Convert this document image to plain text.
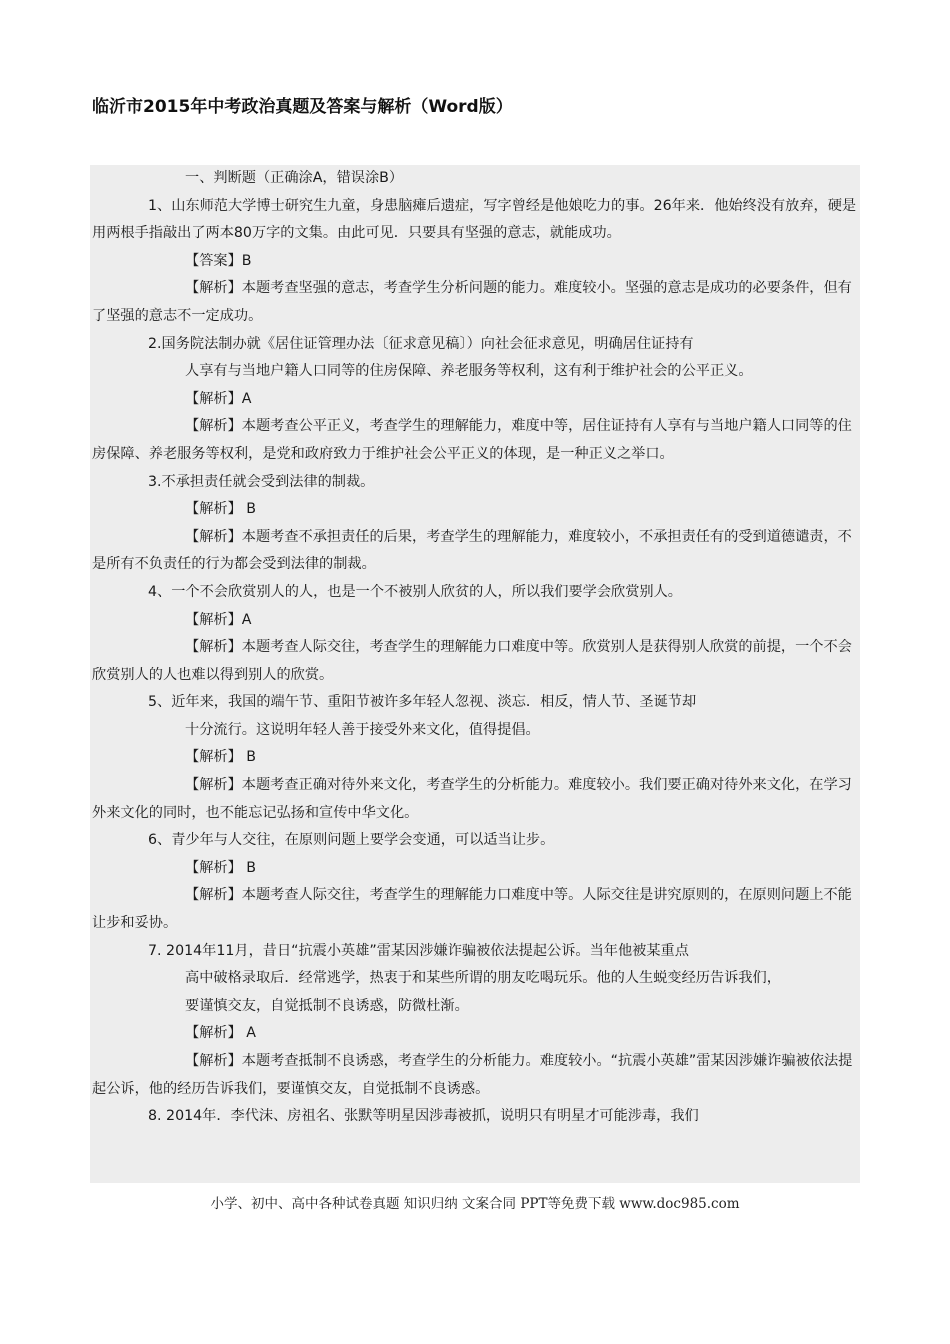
临沂市2015年中考政治真题及答案与解析（Word版）

一、判断题（正确涂A，错误涂B）

1、山东师范大学博士研究生九童，身患脑瘫后遗症，写字曾经是他娘吃力的事。26年来．他始终没有放弃，硬是用两根手指敲出了两本80万字的文集。由此可见．只要具有坚强的意志，就能成功。

【答案】B

【解析】本题考查坚强的意志，考查学生分析问题的能力。难度较小。坚强的意志是成功的必要条件，但有了坚强的意志不一定成功。

2.国务院法制办就《居住证管理办法〔征求意见稿〕）向社会征求意见，明确居住证持有

人享有与当地户籍人口同等的住房保障、养老服务等权利，这有利于维护社会的公平正义。

【解析】A

【解析】本题考查公平正义，考查学生的理解能力，难度中等，居住证持有人享有与当地户籍人口同等的住房保障、养老服务等权利，是党和政府致力于维护社会公平正义的体现，是一种正义之举口。

3.不承担责任就会受到法律的制裁。

【解析】 B

【解析】本题考查不承担责任的后果，考查学生的理解能力，难度较小，不承担责任有的受到道德谴责，不是所有不负责任的行为都会受到法律的制裁。

4、一个不会欣赏别人的人，也是一个不被别人欣贫的人，所以我们要学会欣赏别人。

【解析】A

【解析】本题考查人际交往，考查学生的理解能力口难度中等。欣赏别人是获得别人欣赏的前提，一个不会欣赏别人的人也难以得到别人的欣赏。

5、近年来，我国的端午节、重阳节被许多年轻人忽视、淡忘．相反，情人节、圣诞节却

十分流行。这说明年轻人善于接受外来文化，值得提倡。

【解析】 B

【解析】本题考查正确对待外来文化，考查学生的分析能力。难度较小。我们要正确对待外来文化，在学习外来文化的同时，也不能忘记弘扬和宣传中华文化。

6、青少年与人交往，在原则问题上要学会变通，可以适当让步。

【解析】 B

【解析】本题考查人际交往，考查学生的理解能力口难度中等。人际交往是讲究原则的，在原则问题上不能让步和妥协。

7. 2014年11月，昔日“抗震小英雄”雷某因涉嫌诈骗被依法提起公诉。当年他被某重点

高中破格录取后．经常逃学，热衷于和某些所谓的朋友吃喝玩乐。他的人生蜕变经历告诉我们，

要谨慎交友，自觉抵制不良诱惑，防微杜渐。

【解析】 A

【解析】本题考查抵制不良诱惑，考查学生的分析能力。难度较小。“抗震小英雄”雷某因涉嫌诈骗被依法提起公诉，他的经历告诉我们，要谨慎交友，自觉抵制不良诱惑。

8. 2014年．李代沫、房祖名、张默等明星因涉毒被抓，说明只有明星才可能涉毒，我们

小学、初中、高中各种试卷真题 知识归纳 文案合同 PPT等免费下载 www.doc985.com
